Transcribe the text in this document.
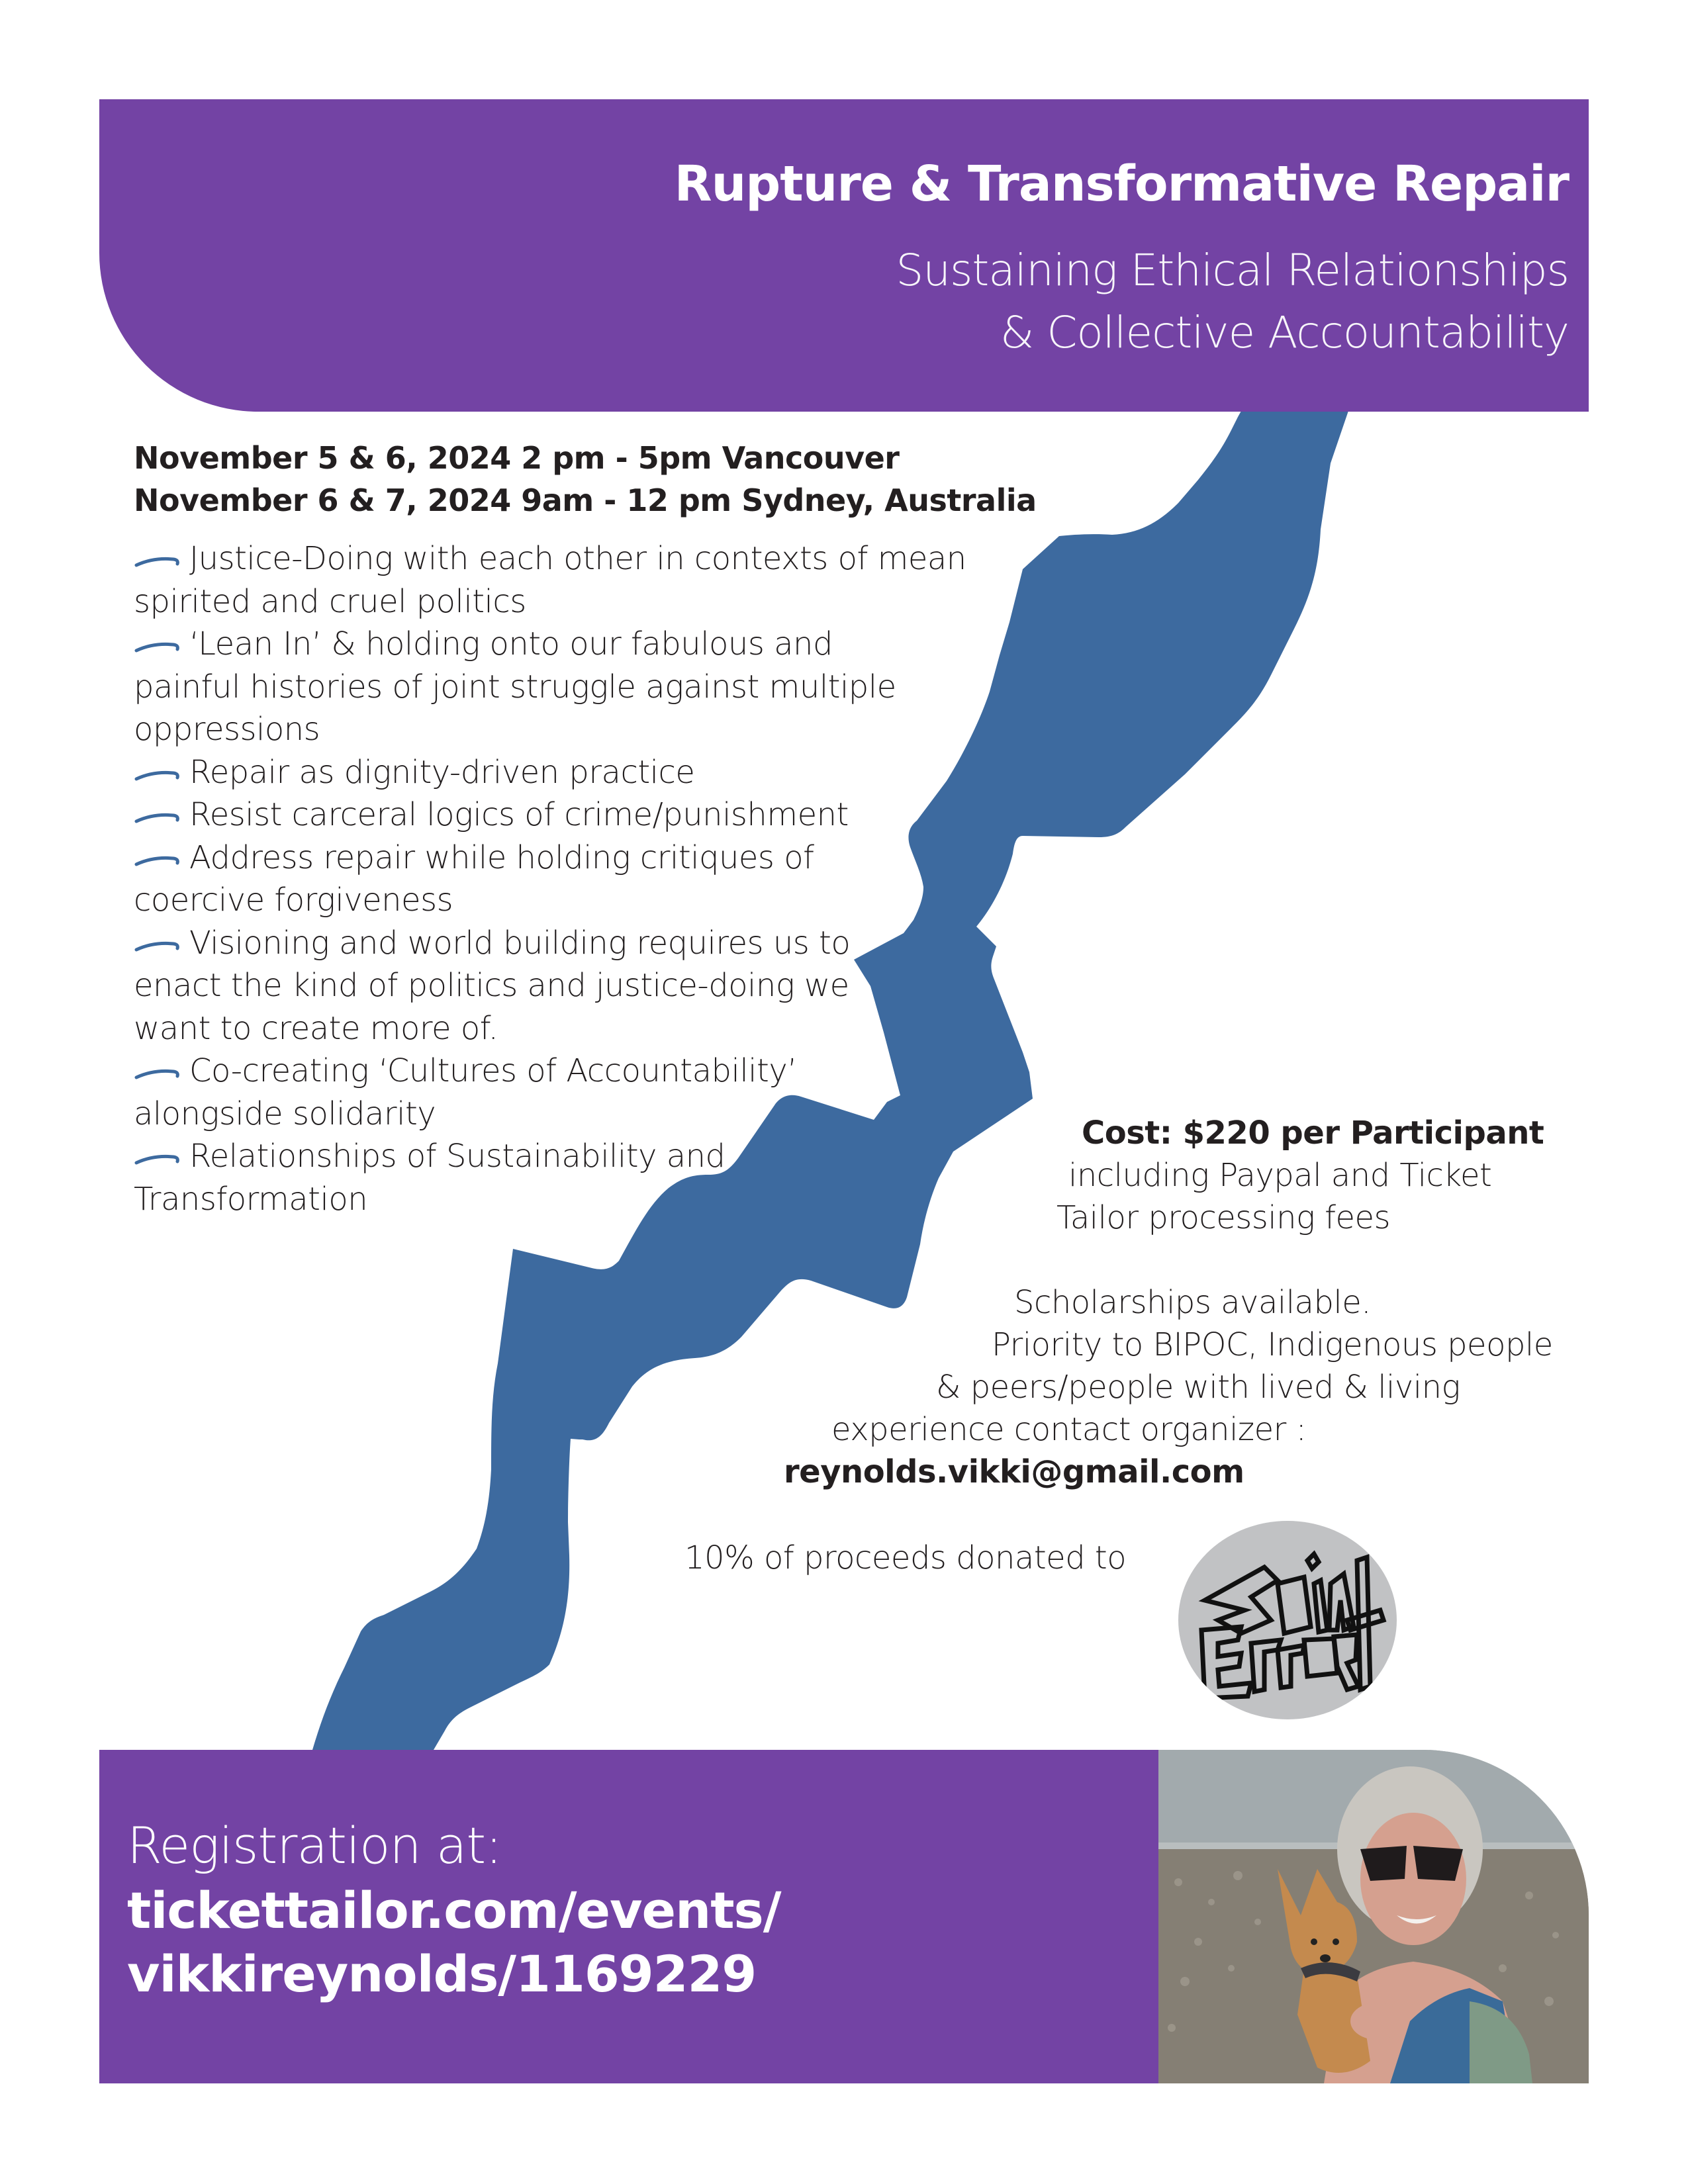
Rupture & Transformative Repair
Sustaining Ethical Relationships
& Collective Accountability
November 5 & 6, 2024 2 pm - 5pm Vancouver
November 6 & 7, 2024 9am - 12 pm Sydney, Australia
Justice-Doing with each other in contexts of mean
spirited and cruel politics
‘Lean In’ & holding onto our fabulous and
painful histories of joint struggle against multiple
oppressions
Repair as dignity-driven practice
Resist carceral logics of crime/punishment
Address repair while holding critiques of
coercive forgiveness
Visioning and world building requires us to
enact the kind of politics and justice-doing we
want to create more of.
Co-creating ‘Cultures of Accountability’
alongside solidarity
Relationships of Sustainability and
Transformation
Cost: $220 per Participant
including Paypal and Ticket
Tailor processing fees
Scholarships available.
Priority to BIPOC, Indigenous people
& peers/people with lived & living
experience contact organizer :
reynolds.vikki@gmail.com
10% of proceeds donated to
Registration at:
tickettailor.com/events/
vikkireynolds/1169229
